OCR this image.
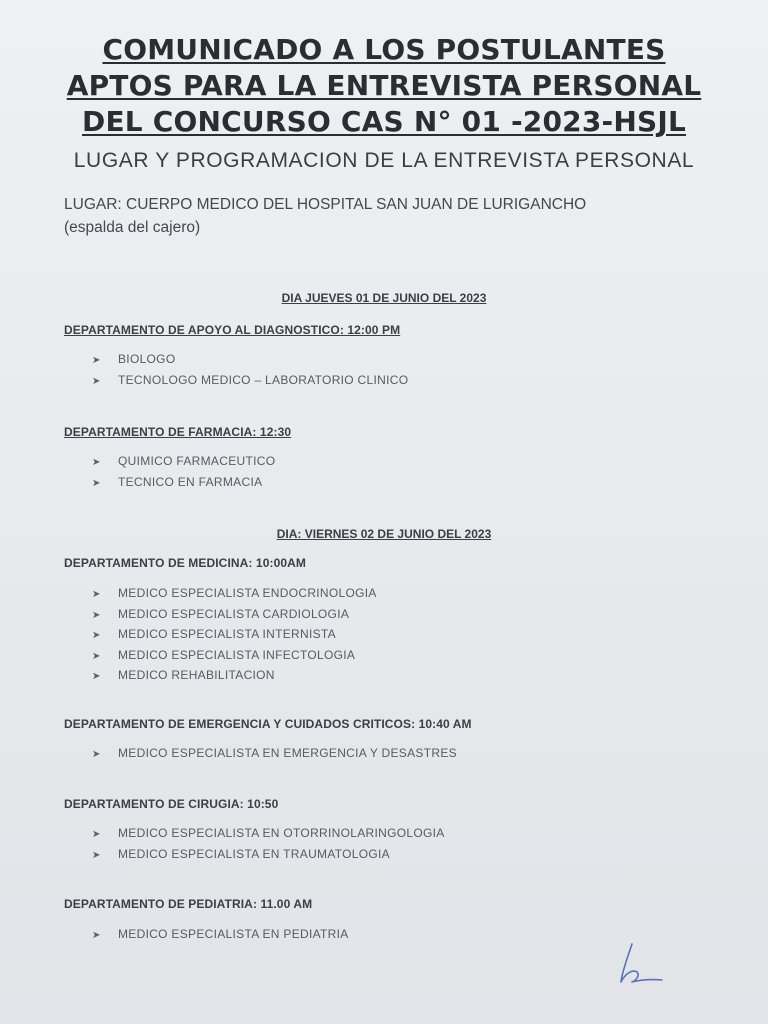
COMUNICADO A LOS POSTULANTES
APTOS PARA LA ENTREVISTA PERSONAL
DEL CONCURSO CAS N° 01 -2023-HSJL
LUGAR Y PROGRAMACION DE LA ENTREVISTA PERSONAL
LUGAR: CUERPO MEDICO DEL HOSPITAL SAN JUAN DE LURIGANCHO
(espalda del cajero)
DIA JUEVES 01 DE JUNIO DEL 2023
DEPARTAMENTO DE APOYO AL DIAGNOSTICO: 12:00 PM
➤ BIOLOGO
➤ TECNOLOGO MEDICO – LABORATORIO CLINICO
DEPARTAMENTO DE FARMACIA: 12:30
➤ QUIMICO FARMACEUTICO
➤ TECNICO EN FARMACIA
DIA: VIERNES 02 DE JUNIO DEL 2023
DEPARTAMENTO DE MEDICINA: 10:00AM
➤ MEDICO ESPECIALISTA ENDOCRINOLOGIA
➤ MEDICO ESPECIALISTA CARDIOLOGIA
➤ MEDICO ESPECIALISTA INTERNISTA
➤ MEDICO ESPECIALISTA INFECTOLOGIA
➤ MEDICO REHABILITACION
DEPARTAMENTO DE EMERGENCIA Y CUIDADOS CRITICOS: 10:40 AM
➤ MEDICO ESPECIALISTA EN EMERGENCIA Y DESASTRES
DEPARTAMENTO DE CIRUGIA: 10:50
➤ MEDICO ESPECIALISTA EN OTORRINOLARINGOLOGIA
➤ MEDICO ESPECIALISTA EN TRAUMATOLOGIA
DEPARTAMENTO DE PEDIATRIA: 11.00 AM
➤ MEDICO ESPECIALISTA EN PEDIATRIA
